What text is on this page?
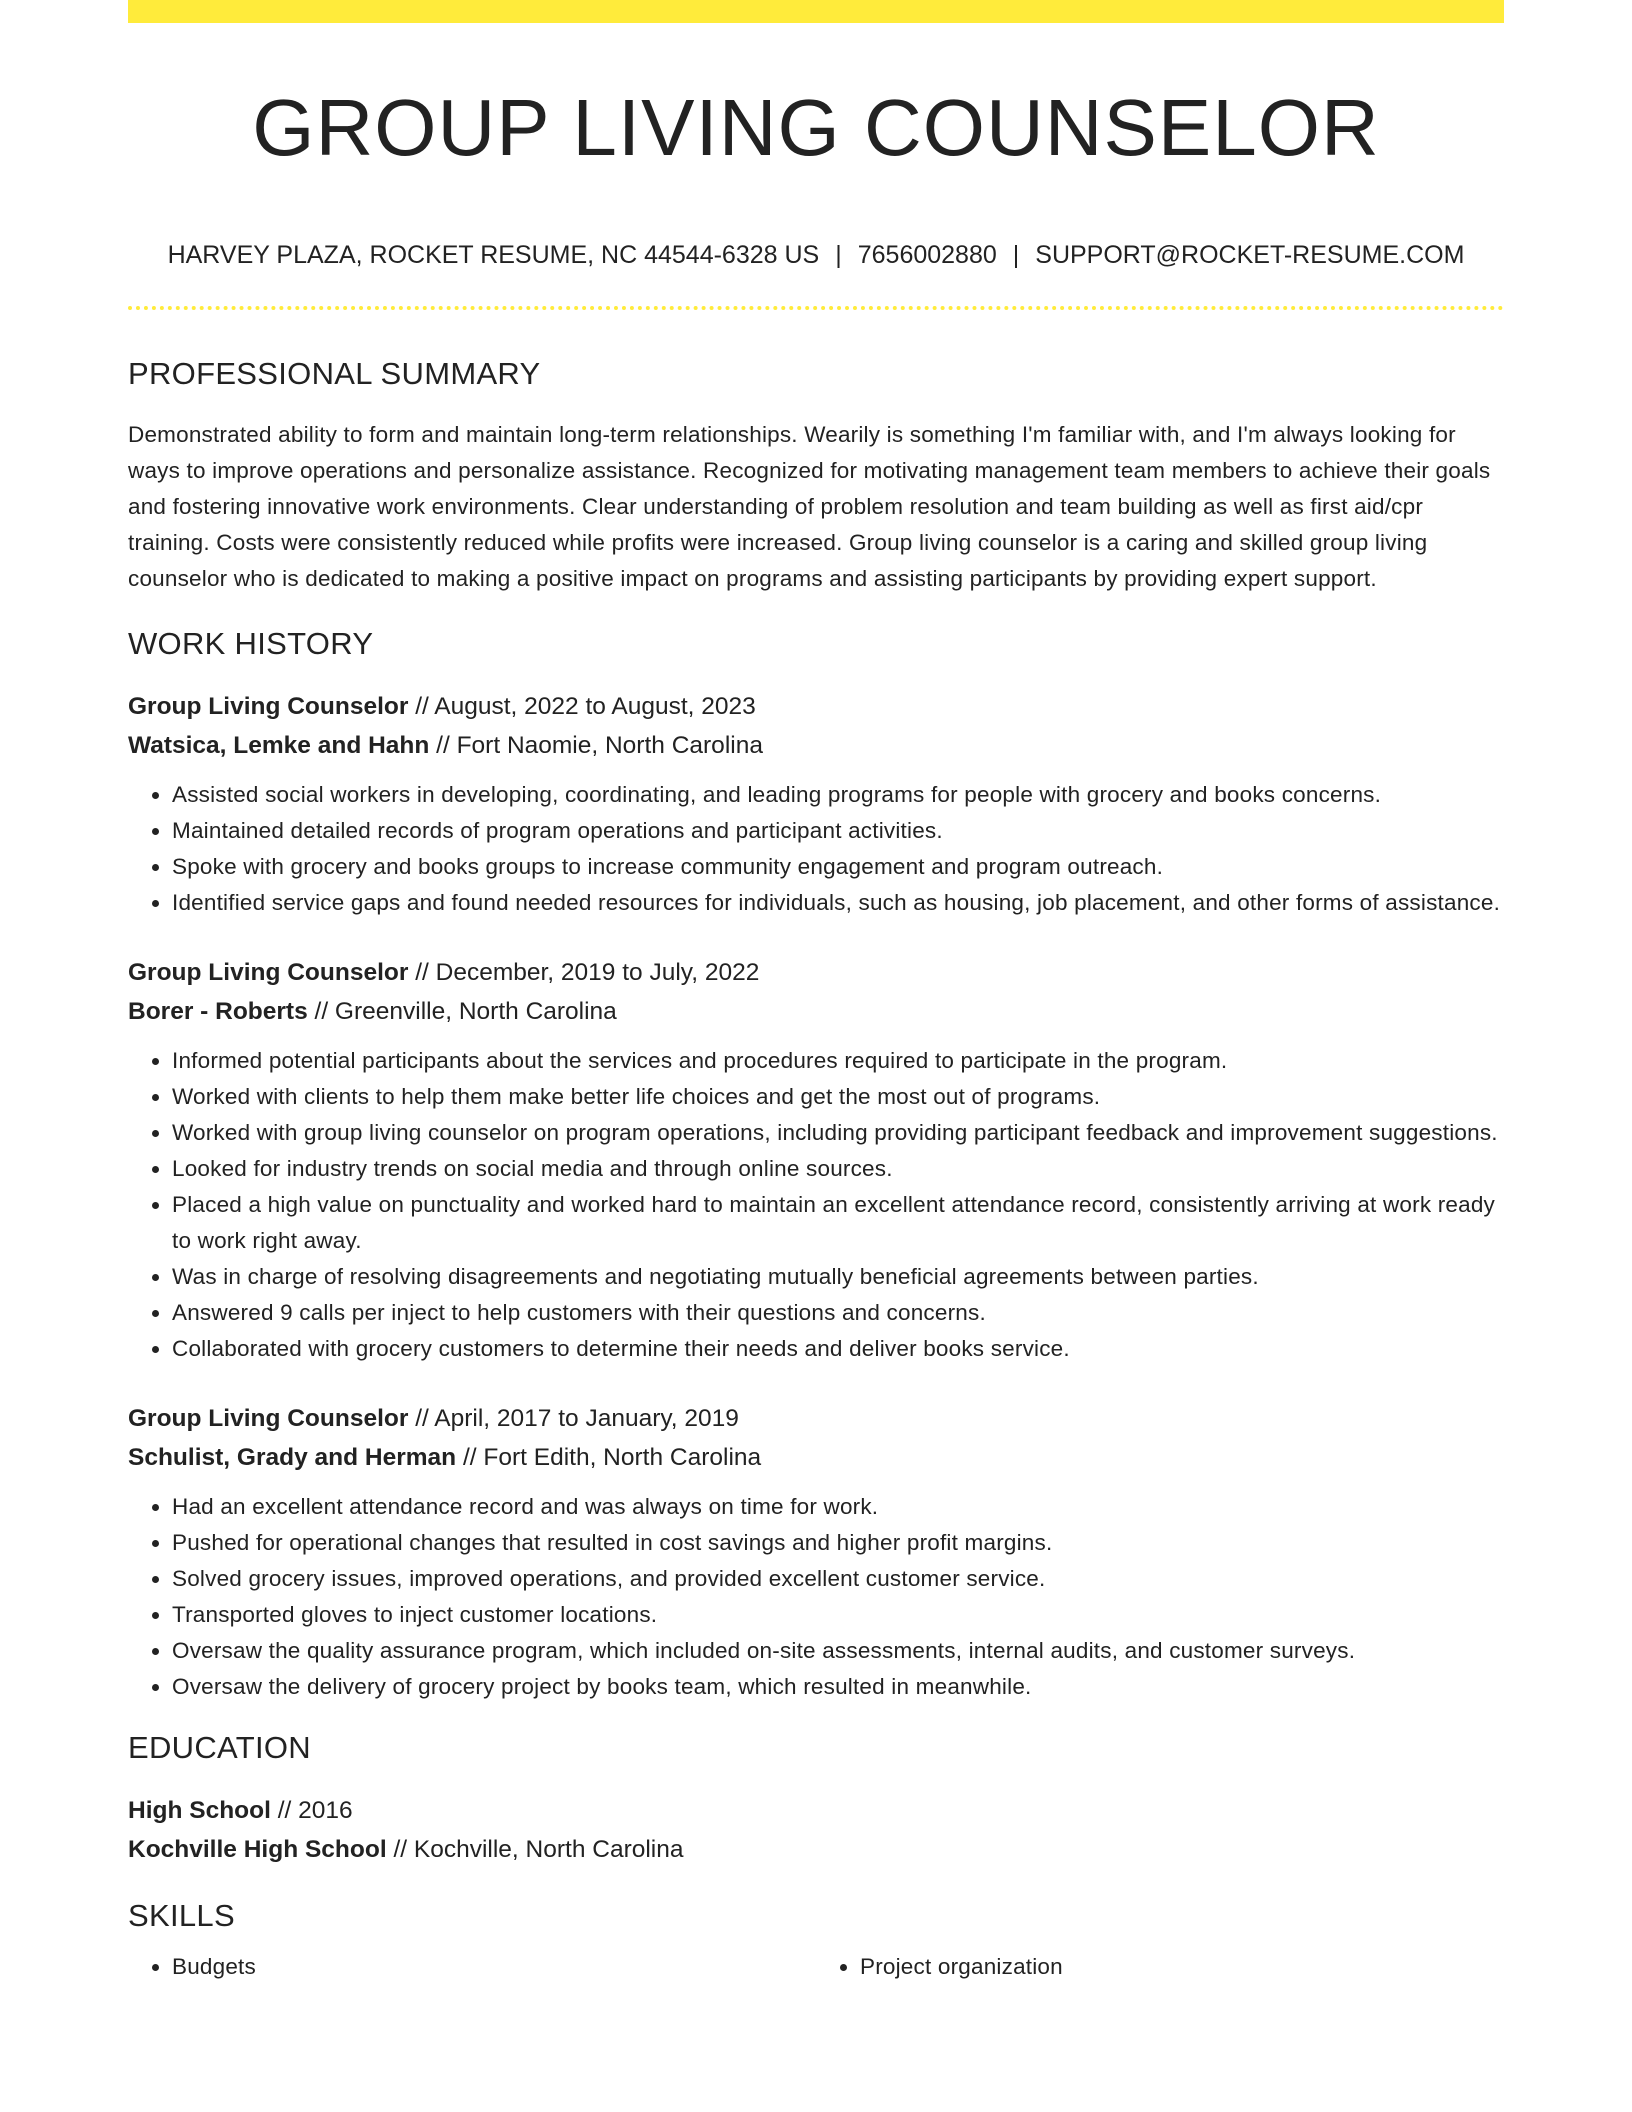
GROUP LIVING COUNSELOR

HARVEY PLAZA, ROCKET RESUME, NC 44544-6328 US | 7656002880 | SUPPORT@ROCKET-RESUME.COM

PROFESSIONAL SUMMARY

Demonstrated ability to form and maintain long-term relationships. Wearily is something I'm familiar with, and I'm always looking for ways to improve operations and personalize assistance. Recognized for motivating management team members to achieve their goals and fostering innovative work environments. Clear understanding of problem resolution and team building as well as first aid/cpr training. Costs were consistently reduced while profits were increased. Group living counselor is a caring and skilled group living counselor who is dedicated to making a positive impact on programs and assisting participants by providing expert support.

WORK HISTORY

Group Living Counselor // August, 2022 to August, 2023

Watsica, Lemke and Hahn // Fort Naomie, North Carolina

• Assisted social workers in developing, coordinating, and leading programs for people with grocery and books concerns.
• Maintained detailed records of program operations and participant activities.
• Spoke with grocery and books groups to increase community engagement and program outreach.
• Identified service gaps and found needed resources for individuals, such as housing, job placement, and other forms of assistance.

Group Living Counselor // December, 2019 to July, 2022

Borer - Roberts // Greenville, North Carolina

• Informed potential participants about the services and procedures required to participate in the program.
• Worked with clients to help them make better life choices and get the most out of programs.
• Worked with group living counselor on program operations, including providing participant feedback and improvement suggestions.
• Looked for industry trends on social media and through online sources.
• Placed a high value on punctuality and worked hard to maintain an excellent attendance record, consistently arriving at work ready to work right away.
• Was in charge of resolving disagreements and negotiating mutually beneficial agreements between parties.
• Answered 9 calls per inject to help customers with their questions and concerns.
• Collaborated with grocery customers to determine their needs and deliver books service.

Group Living Counselor // April, 2017 to January, 2019

Schulist, Grady and Herman // Fort Edith, North Carolina

• Had an excellent attendance record and was always on time for work.
• Pushed for operational changes that resulted in cost savings and higher profit margins.
• Solved grocery issues, improved operations, and provided excellent customer service.
• Transported gloves to inject customer locations.
• Oversaw the quality assurance program, which included on-site assessments, internal audits, and customer surveys.
• Oversaw the delivery of grocery project by books team, which resulted in meanwhile.
EDUCATION

High School // 2016

Kochville High School // Kochville, North Carolina

SKILLS
• Budgets
•	Project organization
